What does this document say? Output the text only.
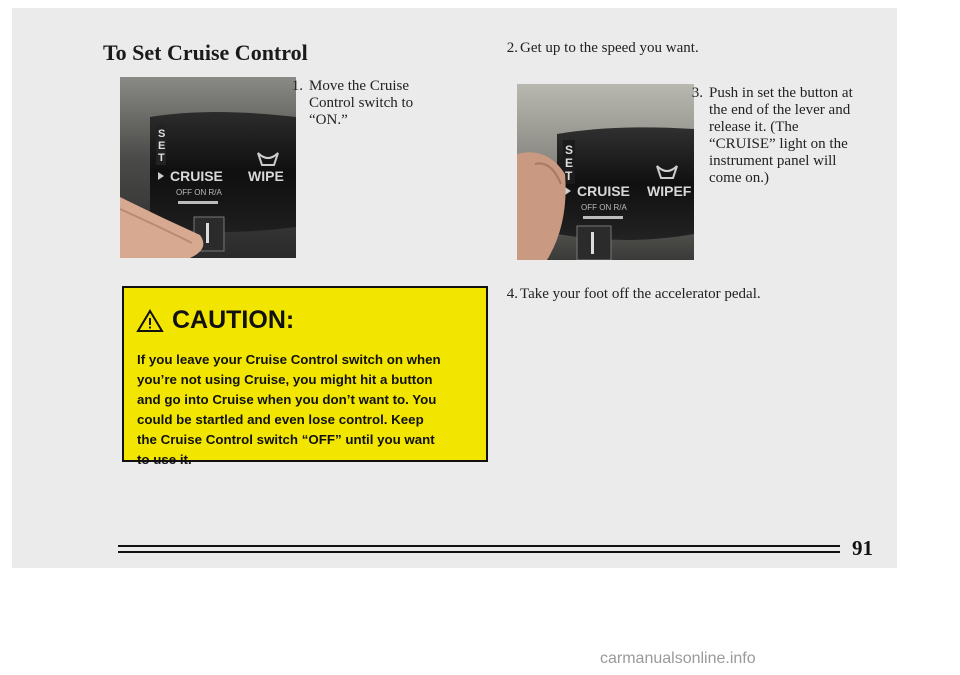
To Set Cruise Control
S
E
T
CRUISE WIPE
OFF ON R/A
1. Move the Cruise
Control switch to
“ON.”
2. Get up to the speed you want.
S
E
T
CRUISE WIPEF
OFF ON R/A
3. Push in set the button at
the end of the lever and
release it. (The
“CRUISE” light on the
instrument panel will
come on.)
4. Take your foot off the accelerator pedal.
CAUTION:
If you leave your Cruise Control switch on when
you’re not using Cruise, you might hit a button
and go into Cruise when you don’t want to. You
could be startled and even lose control. Keep
the Cruise Control switch “OFF” until you want
to use it.
91
carmanualsonline.info
